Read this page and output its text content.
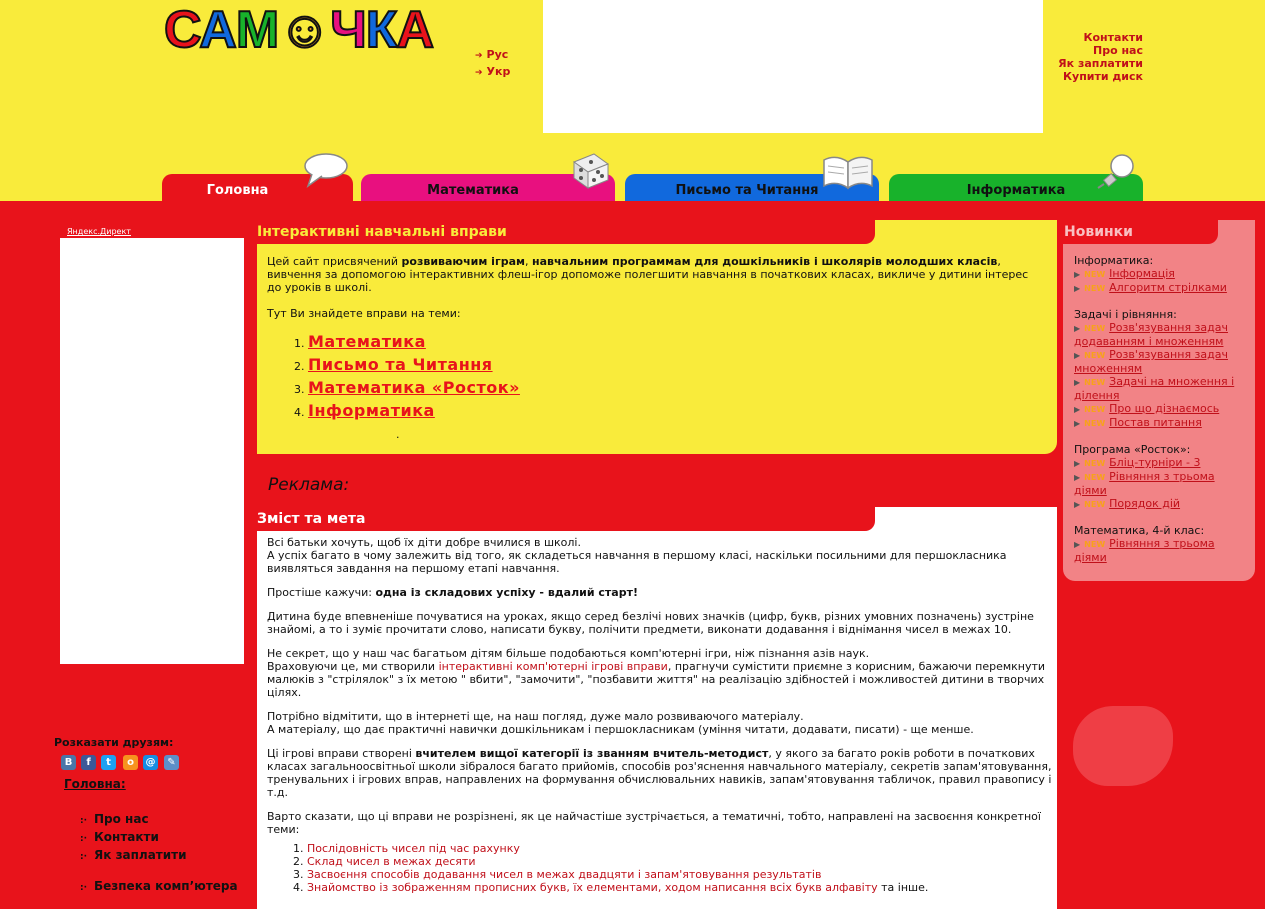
САМ☺ЧКА	➔ Рус
➔ Укр
Контакти
Про нас
Як заплатити
Купити диск
Головна	Математика	Письмо та Читання	Інформатика
Яндекс.Директ
Розказати друзям:
B	f	t	o	@	✎
Головна:
:· Про нас
:· Контакти
:· Як заплатити
:· Безпека комп’ютера
Інтерактивні навчальні вправи
Цей сайт присвячений розвиваючим іграм, навчальним программам для дошкільників і школярів молодших класів, вивчення за допомогою інтерактивних флеш-ігор допоможе полегшити навчання в початкових класах, викличе у дитини інтерес до уроків в школі.
Тут Ви знайдете вправи на теми:
1. Математика
2. Письмо та Читання
3. Математика «Росток»
4. Інформатика
.
Реклама:
Зміст та мета

Всі батьки хочуть, щоб їх діти добре вчилися в школі.
А успіх багато в чому залежить від того, як складеться навчання в першому класі, наскільки посильними для першокласника виявляться завдання на першому етапі навчання.

Простіше кажучи: одна із складових успіху - вдалий старт!

Дитина буде впевненіше почуватися на уроках, якщо серед безлічі нових значків (цифр, букв, різних умовних позначень) зустріне знайомі, а то і зуміє прочитати слово, написати букву, полічити предмети, виконати додавання і віднімання чисел в межах 10.

Не секрет, що у наш час багатьом дітям більше подобаються комп'ютерні ігри, ніж пізнання азів наук.
Враховуючи це, ми створили інтерактивні комп'ютерні ігрові вправи, прагнучи сумістити приємне з корисним, бажаючи перемкнути малюків з "стрілялок" з їх метою " вбити", "замочити", "позбавити життя" на реалізацію здібностей і можливостей дитини в творчих цілях.

Потрібно відмітити, що в інтернеті ще, на наш погляд, дуже мало розвиваючого матеріалу.
А матеріалу, що дає практичні навички дошкільникам і першокласникам (уміння читати, додавати, писати) - ще менше.

Ці ігрові вправи створені вчителем вищої категорії із званням вчитель-методист, у якого за багато років роботи в початкових класах загальноосвітньої школи зібралося багато прийомів, способів роз'яснення навчального матеріалу, секретів запам'ятовування, тренувальних і ігрових вправ, направлених на формування обчислювальних навиків, запам'ятовування табличок, правил правопису і т.д.

Варто сказати, що ці вправи не розрізнені, як це найчастіше зустрічається, а тематичні, тобто, направлені на засвоєння конкретної теми:

1. Послідовність чисел під час рахунку
2. Склад чисел в межах десяти
3. Засвоєння способів додавання чисел в межах двадцяти і запам'ятовування результатів
4. Знайомство із зображенням прописних букв, їх елементами, ходом написання всіх букв алфавіту та інше.
Новинки
Інформатика:
▶ NEW Інформація
▶ NEW Алгоритм стрілками
Задачі і рівняння:
▶ NEW Розв'язування задач додаванням і множенням
▶ NEW Розв'язування задач множенням
▶ NEW Задачі на множення і ділення
▶ NEW Про що дізнаємось
▶ NEW Постав питання
Програма «Росток»:
▶ NEW Бліц-турніри - 3
▶ NEW Рівняння з трьома діями
▶ NEW Порядок дій
Математика, 4-й клас:
▶ NEW Рівняння з трьома діями
